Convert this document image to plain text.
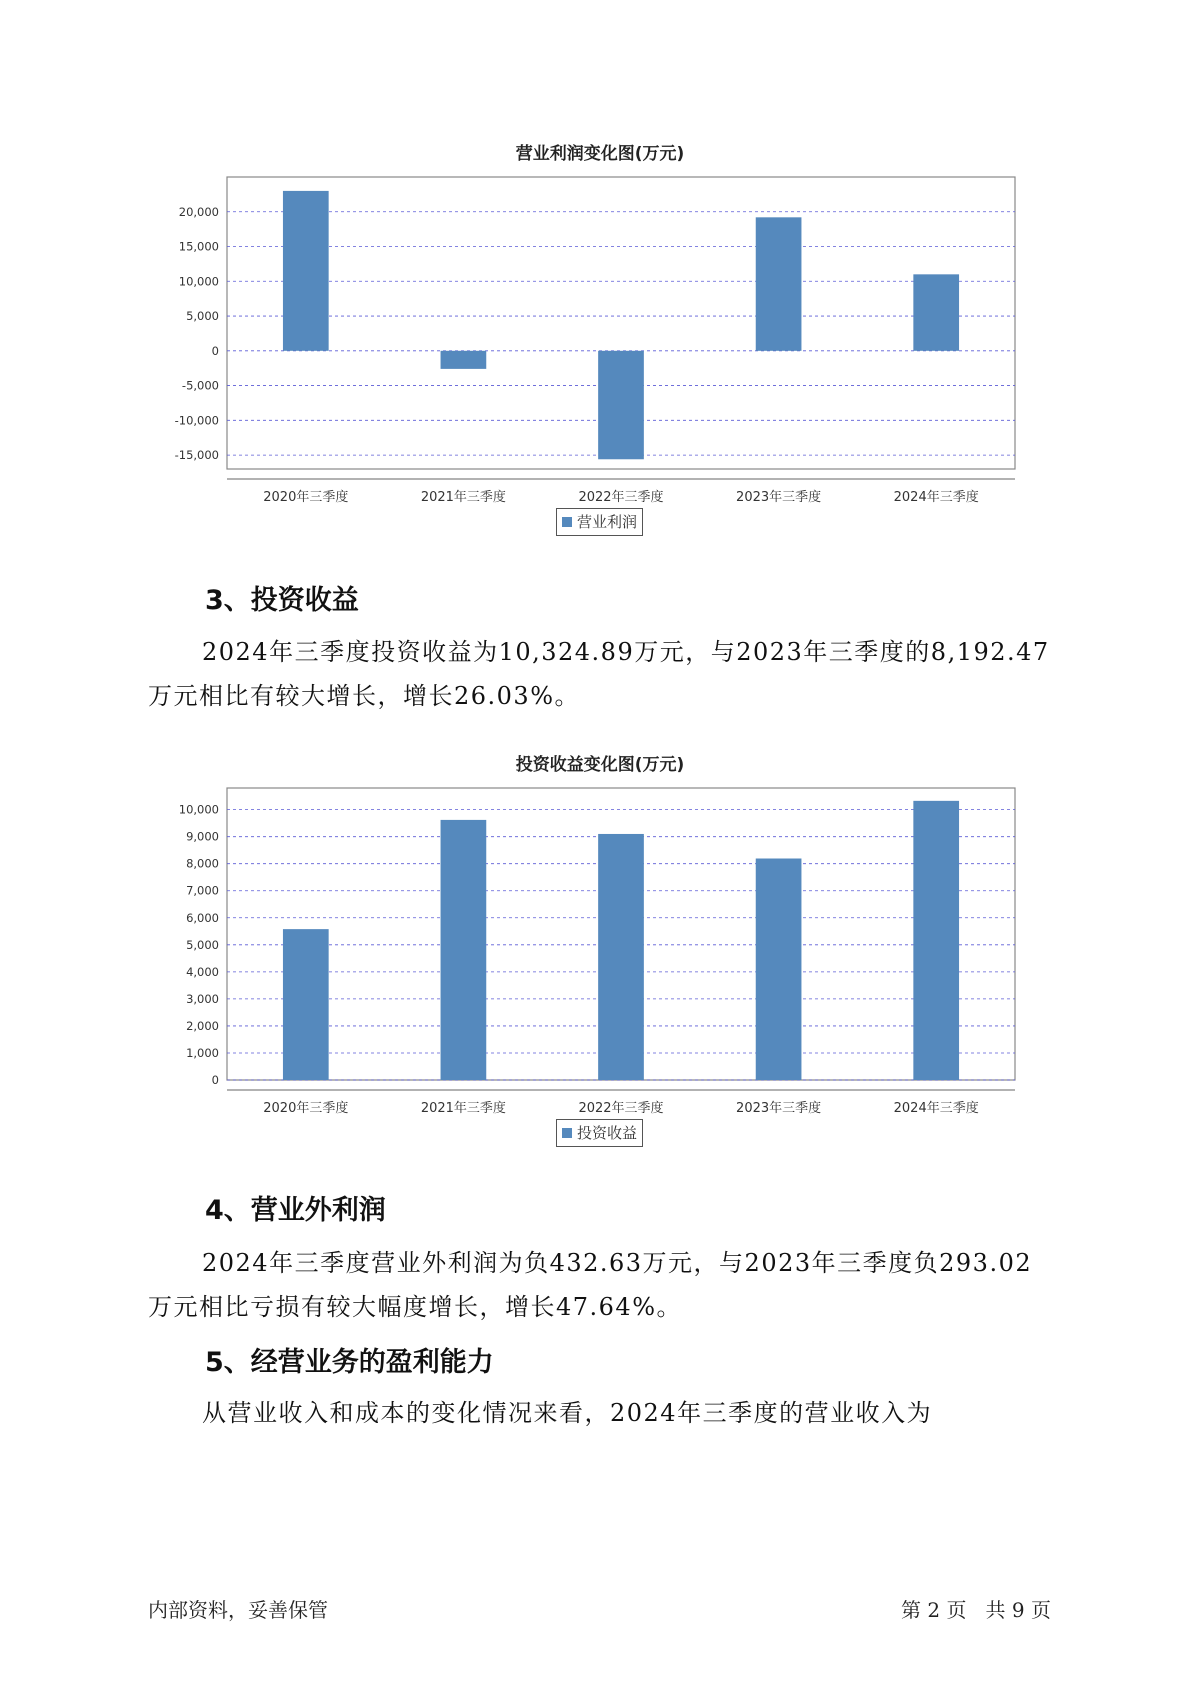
营业利润变化图(万元)
20,000
15,000
10,000
5,000
0
-5,000
-10,000
-15,000
2020年三季度	2021年三季度	2022年三季度	2023年三季度	2024年三季度
营业利润
3、投资收益
2024年三季度投资收益为10,324.89万元，与2023年三季度的8,192.47
万元相比有较大增长，增长26.03%。
投资收益变化图(万元)
10,000
9,000
8,000
7,000
6,000
5,000
4,000
3,000
2,000
1,000
0
2020年三季度	2021年三季度	2022年三季度	2023年三季度	2024年三季度
投资收益
4、营业外利润
2024年三季度营业外利润为负432.63万元，与2023年三季度负293.02
万元相比亏损有较大幅度增长，增长47.64%。
5、经营业务的盈利能力
从营业收入和成本的变化情况来看，2024年三季度的营业收入为
内部资料，妥善保管	第 2 页   共 9 页
